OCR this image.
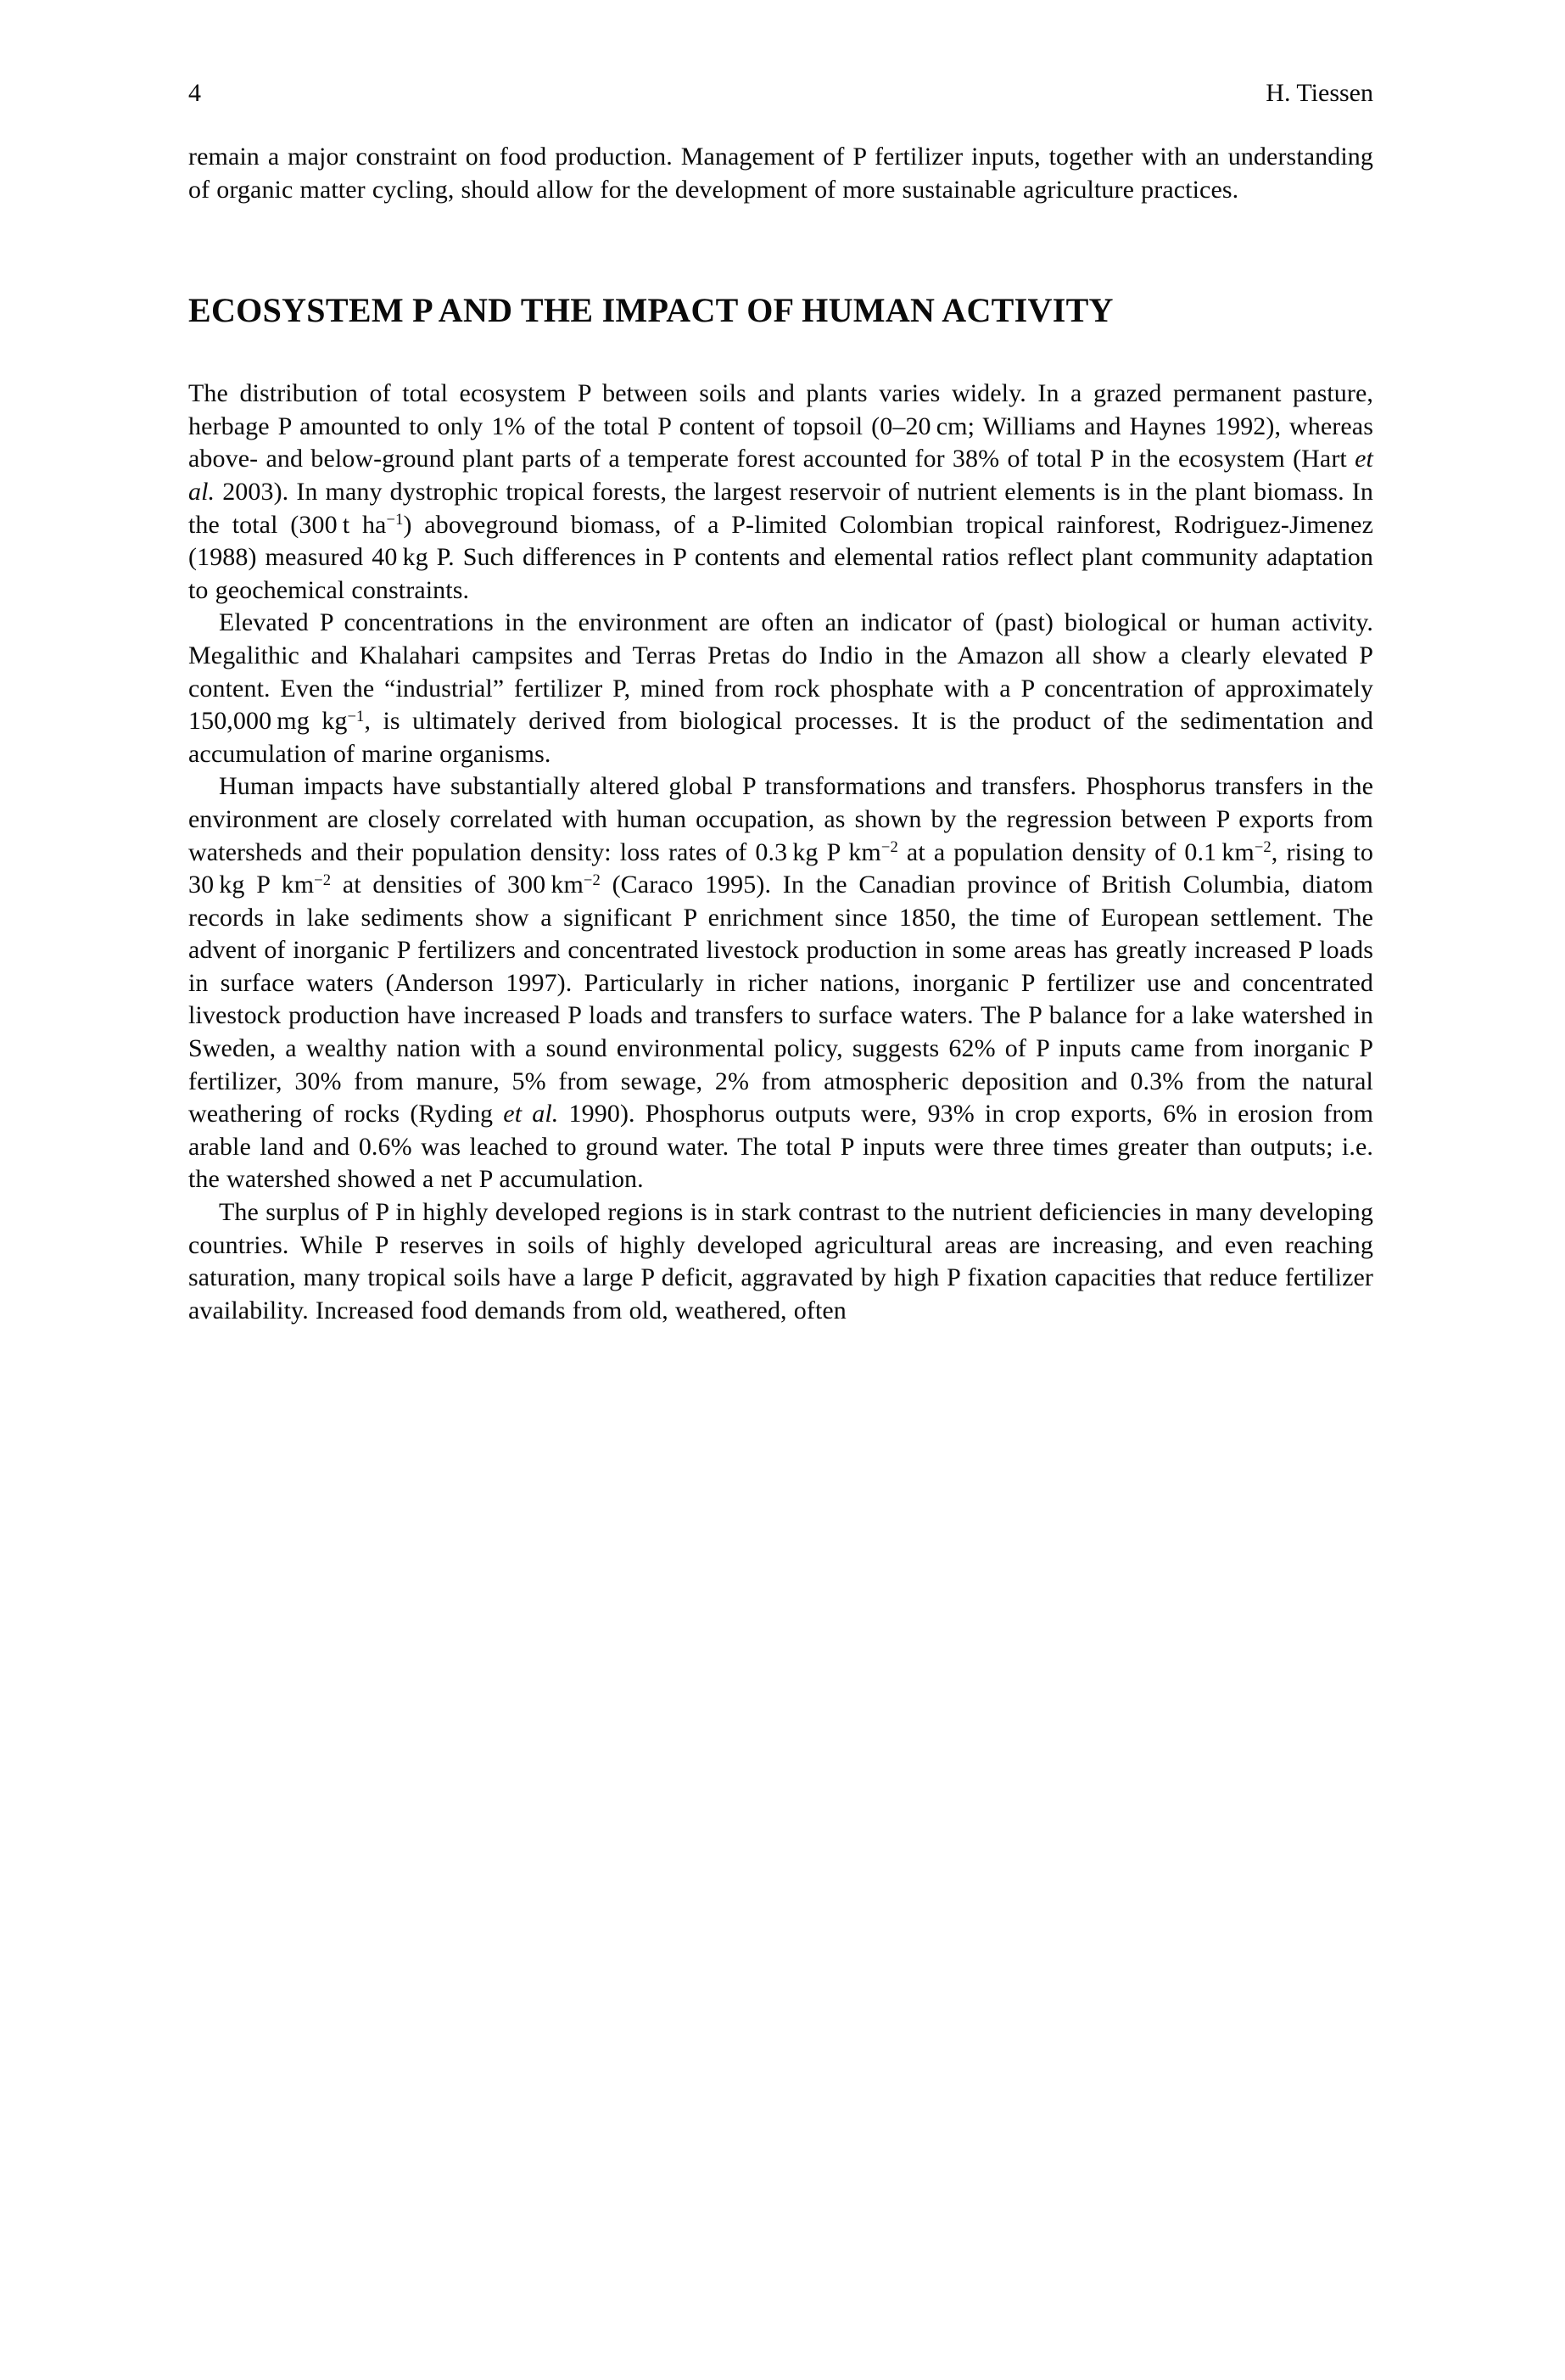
4	H. Tiessen

remain a major constraint on food production. Management of P fertilizer inputs, together with an understanding of organic matter cycling, should allow for the development of more sustainable agriculture practices.

ECOSYSTEM P AND THE IMPACT OF HUMAN ACTIVITY

The distribution of total ecosystem P between soils and plants varies widely. In a grazed permanent pasture, herbage P amounted to only 1% of the total P content of topsoil (0–20 cm; Williams and Haynes 1992), whereas above- and below-ground plant parts of a temperate forest accounted for 38% of total P in the ecosystem (Hart et al. 2003). In many dystrophic tropical forests, the largest reservoir of nutrient elements is in the plant biomass. In the total (300 t $ha^{-1}$) aboveground biomass, of a P-limited Colombian tropical rainforest, Rodriguez-Jimenez (1988) measured 40 kg P. Such differences in P contents and elemental ratios reflect plant community adaptation to geochemical constraints.

Elevated P concentrations in the environment are often an indicator of (past) biological or human activity. Megalithic and Khalahari campsites and Terras Pretas do Indio in the Amazon all show a clearly elevated P content. Even the “industrial” fertilizer P, mined from rock phosphate with a P concentration of approximately 150,000 mg $kg^{-1}$, is ultimately derived from biological processes. It is the product of the sedimentation and accumulation of marine organisms.

Human impacts have substantially altered global P transformations and transfers. Phosphorus transfers in the environment are closely correlated with human occupation, as shown by the regression between P exports from watersheds and their population density: loss rates of 0.3 kg P $km^{-2}$ at a population density of 0.1 $km^{-2}$, rising to 30 kg P $km^{-2}$ at densities of 300 $km^{-2}$ (Caraco 1995). In the Canadian province of British Columbia, diatom records in lake sediments show a significant P enrichment since 1850, the time of European settlement. The advent of inorganic P fertilizers and concentrated livestock production in some areas has greatly increased P loads in surface waters (Anderson 1997). Particularly in richer nations, inorganic P fertilizer use and concentrated livestock production have increased P loads and transfers to surface waters. The P balance for a lake watershed in Sweden, a wealthy nation with a sound environmental policy, suggests 62% of P inputs came from inorganic P fertilizer, 30% from manure, 5% from sewage, 2% from atmospheric deposition and 0.3% from the natural weathering of rocks (Ryding et al. 1990). Phosphorus outputs were, 93% in crop exports, 6% in erosion from arable land and 0.6% was leached to ground water. The total P inputs were three times greater than outputs; i.e. the watershed showed a net P accumulation.

The surplus of P in highly developed regions is in stark contrast to the nutrient deficiencies in many developing countries. While P reserves in soils of highly developed agricultural areas are increasing, and even reaching saturation, many tropical soils have a large P deficit, aggravated by high P fixation capacities that reduce fertilizer availability. Increased food demands from old, weathered, often
